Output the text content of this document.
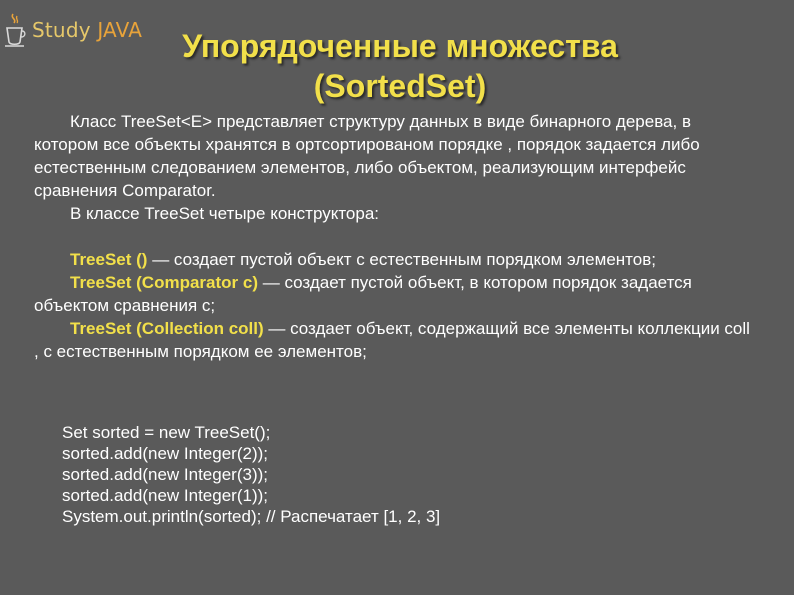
Study JAVA	Упорядоченные множества
(SortedSet)

Класс TreeSet<E> представляет структуру данных в виде бинарного дерева, в котором все объекты хранятся в ортсортированом порядке , порядок задается либо естественным следованием элементов, либо объектом, реализующим интерфейс сравнения Comparator.

В классе TreeSet четыре конструктора:

TreeSet () — создает пустой объект с естественным порядком элементов;

TreeSet (Comparator с) — создает пустой объект, в котором порядок задается объектом сравнения с;

TreeSet (Collection coll) — создает объект, содержащий все элементы коллекции coll , с естественным порядком ее элементов;

Set sorted = new TreeSet();
sorted.add(new Integer(2));
sorted.add(new Integer(3));
sorted.add(new Integer(1));
System.out.println(sorted); // Распечатает [1, 2, 3]
